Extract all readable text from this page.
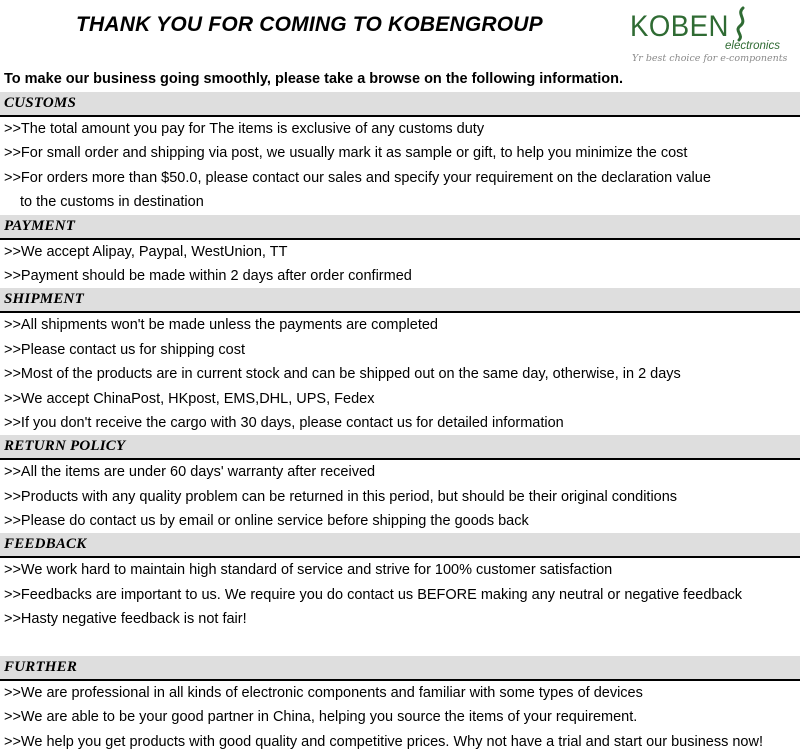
THANK YOU FOR COMING TO KOBENGROUP	KOBEN
electronics
Yr best choice for e-components
To make our business going smoothly, please take a browse on the following information.
CUSTOMS
>>The total amount you pay for The items is exclusive of any customs duty
>>For small order and shipping via post, we usually mark it as sample or gift, to help you minimize the cost
>>For orders more than $50.0, please contact our sales and specify your requirement on the declaration value
to the customs in destination
PAYMENT
>>We accept Alipay, Paypal, WestUnion, TT
>>Payment should be made within 2 days after order confirmed
SHIPMENT
>>All shipments won't be made unless the payments are completed
>>Please contact us for shipping cost
>>Most of the products are in current stock and can be shipped out on the same day, otherwise, in 2 days
>>We accept ChinaPost, HKpost, EMS,DHL, UPS, Fedex
>>If you don't receive the cargo with 30 days, please contact us for detailed information
RETURN POLICY
>>All the items are under 60 days' warranty after received
>>Products with any quality problem can be returned in this period, but should be their original conditions
>>Please do contact us by email or online service before shipping the goods back
FEEDBACK
>>We work hard to maintain high standard of service and strive for 100% customer satisfaction
>>Feedbacks are important to us. We require you do contact us BEFORE making any neutral or negative feedback
>>Hasty negative feedback is not fair!
FURTHER
>>We are professional in all kinds of electronic components and familiar with some types of devices
>>We are able to be your good partner in China, helping you source the items of your requirement.
>>We help you get products with good quality and competitive prices. Why not have a trial and start our business now!
